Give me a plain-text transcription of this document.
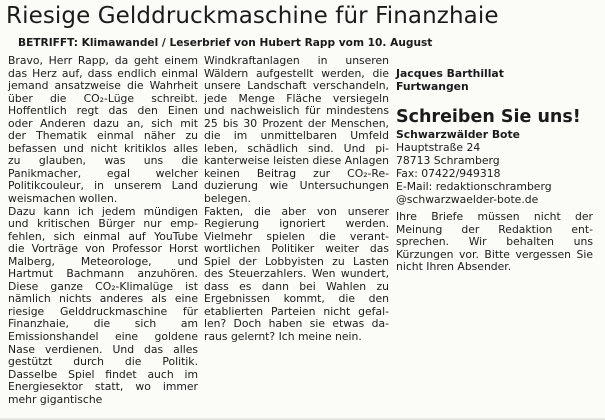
Riesige Gelddruckmaschine für Finanzhaie

BETRIFFT: Klimawandel / Leserbrief von Hubert Rapp vom 10. August

Bravo, Herr Rapp, da geht einem das Herz auf, dass endlich einmal jemand ansatzweise die Wahrheit über die CO₂-Lüge schreibt. Hoffentlich regt das den Einen oder Anderen dazu an, sich mit der Thematik einmal näher zu befassen und nicht kritiklos alles zu glauben, was uns die Panikmacher, egal welcher Politikcouleur, in unserem Land weismachen wollen.

Dazu kann ich jedem mündigen und kritischen Bürger nur empfehlen, sich einmal auf YouTube die Vorträge von Professor Horst Malberg, Meteorologe, und Hartmut Bachmann anzuhören. Diese ganze CO₂-Klimalüge ist nämlich nichts anderes als eine riesige Gelddruckmaschine für Finanzhaie, die sich am Emissionshandel eine goldene Nase verdienen. Und das alles gestützt durch die Politik. Dasselbe Spiel findet auch im Energiesektor statt, wo immer mehr gigantische

Windkraftanlagen in unseren Wäldern aufgestellt werden, die unsere Landschaft verschandeln, jede Menge Fläche versiegeln und nachweislich für mindestens 25 bis 30 Prozent der Menschen, die im unmittelbaren Umfeld leben, schädlich sind. Und pikanterweise leisten diese Anlagen keinen Beitrag zur CO₂-Reduzierung wie Untersuchungen belegen.

Fakten, die aber von unserer Regierung ignoriert werden. Vielmehr spielen die verantwortlichen Politiker weiter das Spiel der Lobbyisten zu Lasten des Steuerzahlers. Wen wundert, dass es dann bei Wahlen zu Ergebnissen kommt, die den etablierten Parteien nicht gefallen? Doch haben sie etwas daraus gelernt? Ich meine nein.

Jacques Barthillat
Furtwangen

Schreiben Sie uns!

Schwarzwälder Bote
Hauptstraße 24
78713 Schramberg
Fax: 07422/949318
E-Mail: redaktionschramberg
@schwarzwaelder-bote.de

Ihre Briefe müssen nicht der Meinung der Redaktion entsprechen. Wir behalten uns Kürzungen vor. Bitte vergessen Sie nicht Ihren Absender.
